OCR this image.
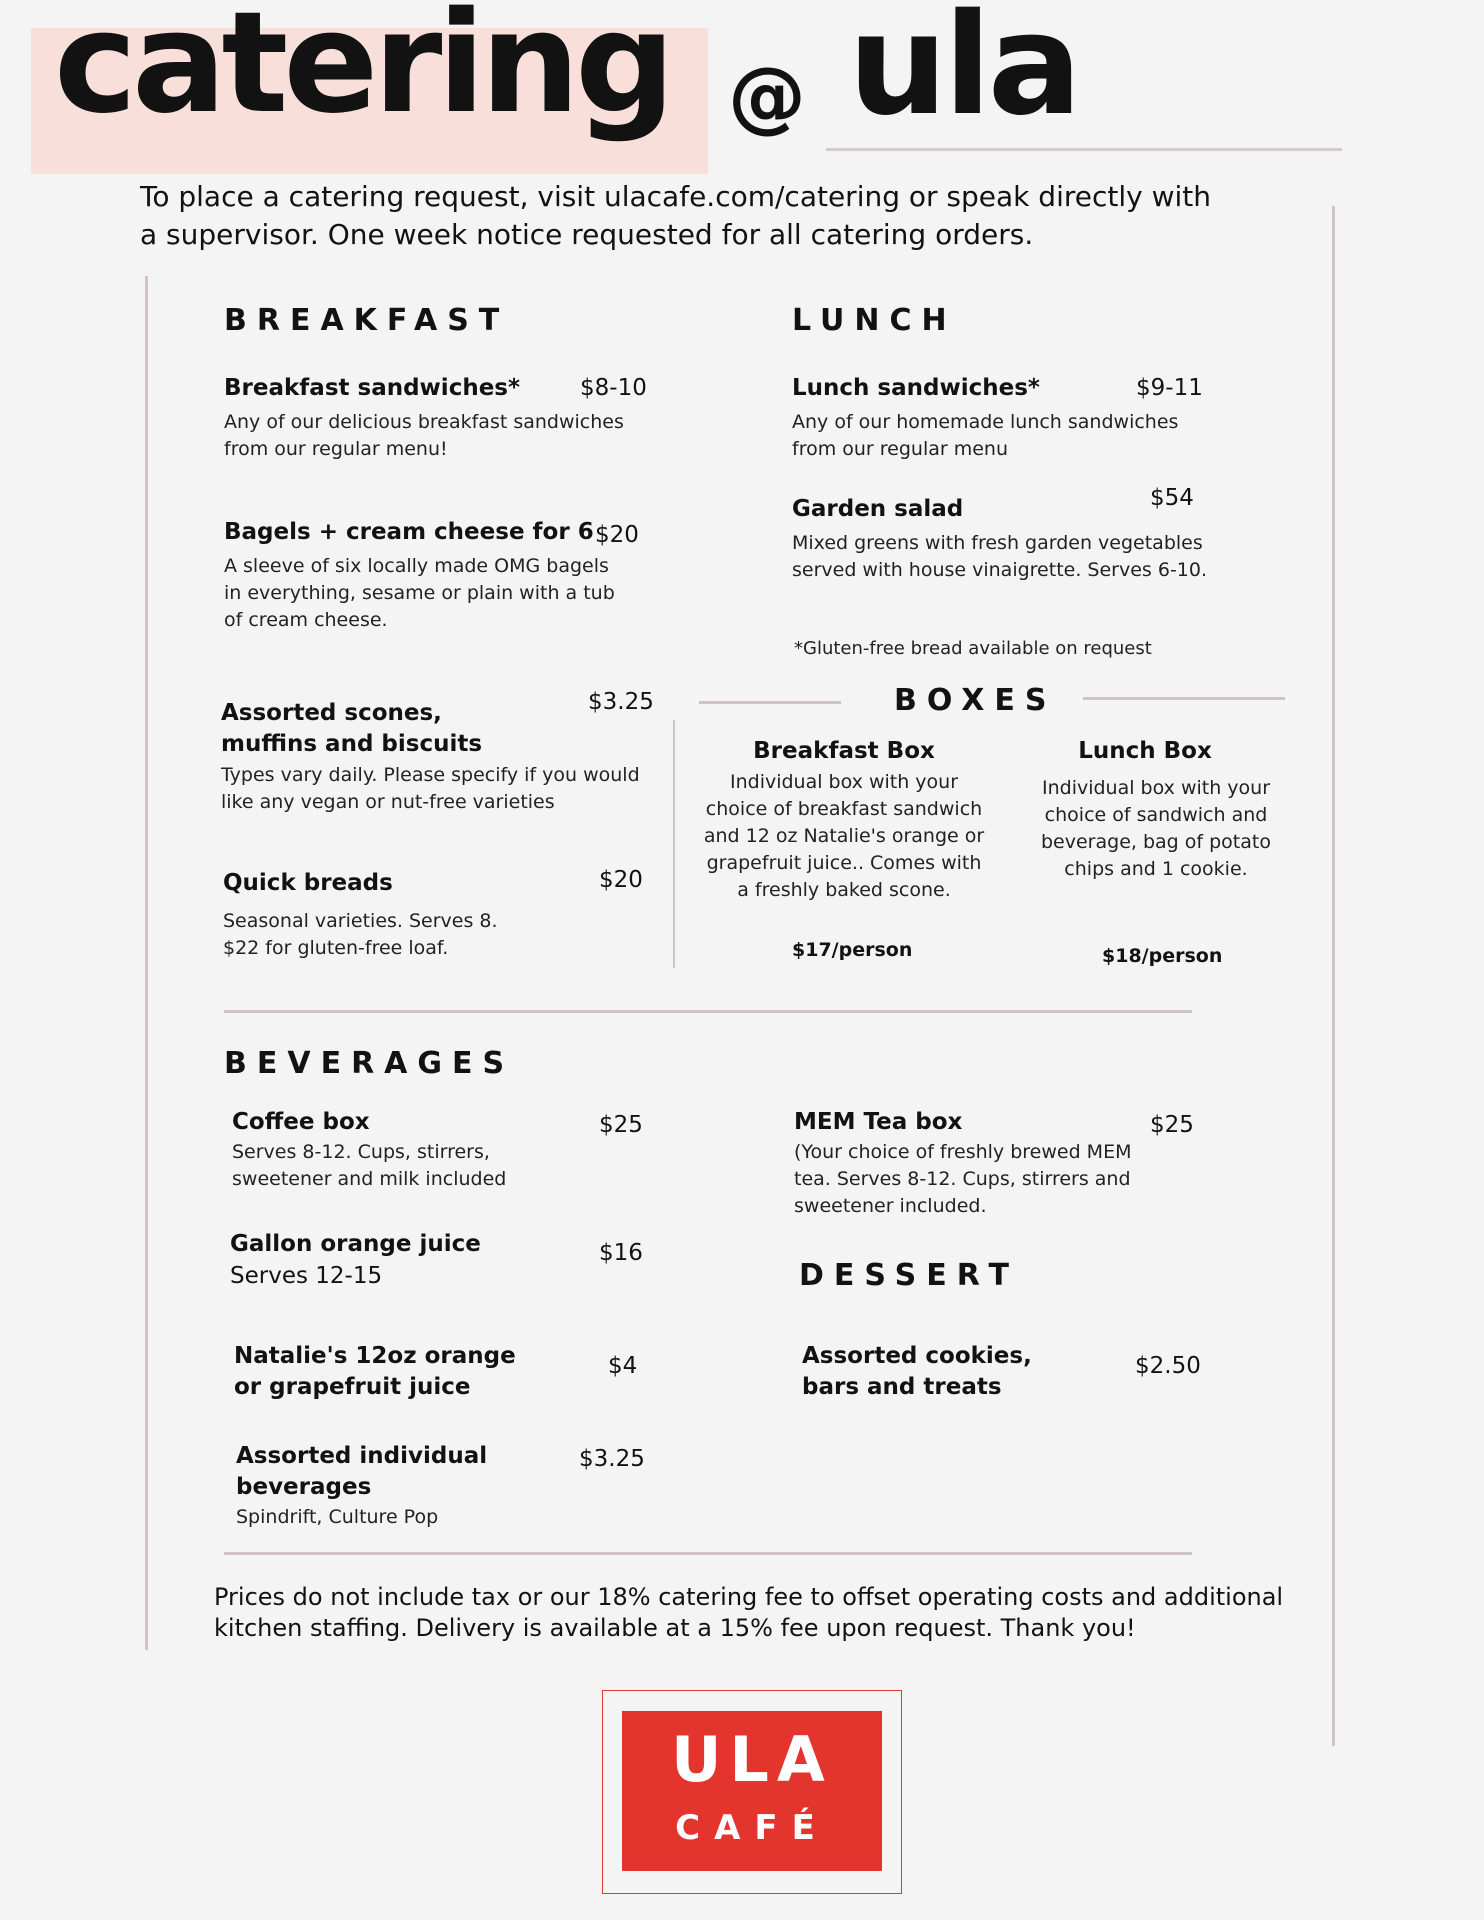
catering @ ula
To place a catering request, visit ulacafe.com/catering or speak directly with a supervisor. One week notice requested for all catering orders.
BREAKFAST
Breakfast sandwiches*	$8-10
Any of our delicious breakfast sandwiches from our regular menu!
Bagels + cream cheese for 6 $20
A sleeve of six locally made OMG bagels in everything, sesame or plain with a tub of cream cheese.
Assorted scones, muffins and biscuits
$3.25
Types vary daily. Please specify if you would like any vegan or nut-free varieties
Quick breads	$20
Seasonal varieties. Serves 8. $22 for gluten-free loaf.
LUNCH
Lunch sandwiches*	$9-11
Any of our homemade lunch sandwiches from our regular menu
Garden salad	$54
Mixed greens with fresh garden vegetables served with house vinaigrette. Serves 6-10.
*Gluten-free bread available on request
BOXES
Breakfast Box
Individual box with your choice of breakfast sandwich and 12 oz Natalie's orange or grapefruit juice.. Comes with a freshly baked scone.
$17/person
Lunch Box
Individual box with your choice of sandwich and beverage, bag of potato chips and 1 cookie.
$18/person
BEVERAGES
Coffee box	$25
Serves 8-12. Cups, stirrers, sweetener and milk included
Gallon orange juice	$16
Serves 12-15
Natalie's 12oz orange or grapefruit juice
$4
Assorted individual beverages
$3.25
Spindrift, Culture Pop
MEM Tea box	$25
(Your choice of freshly brewed MEM tea. Serves 8-12. Cups, stirrers and sweetener included.
DESSERT
Assorted cookies, bars and treats
$2.50
Prices do not include tax or our 18% catering fee to offset operating costs and additional kitchen staffing. Delivery is available at a 15% fee upon request. Thank you!
ULA
CAFÉ
